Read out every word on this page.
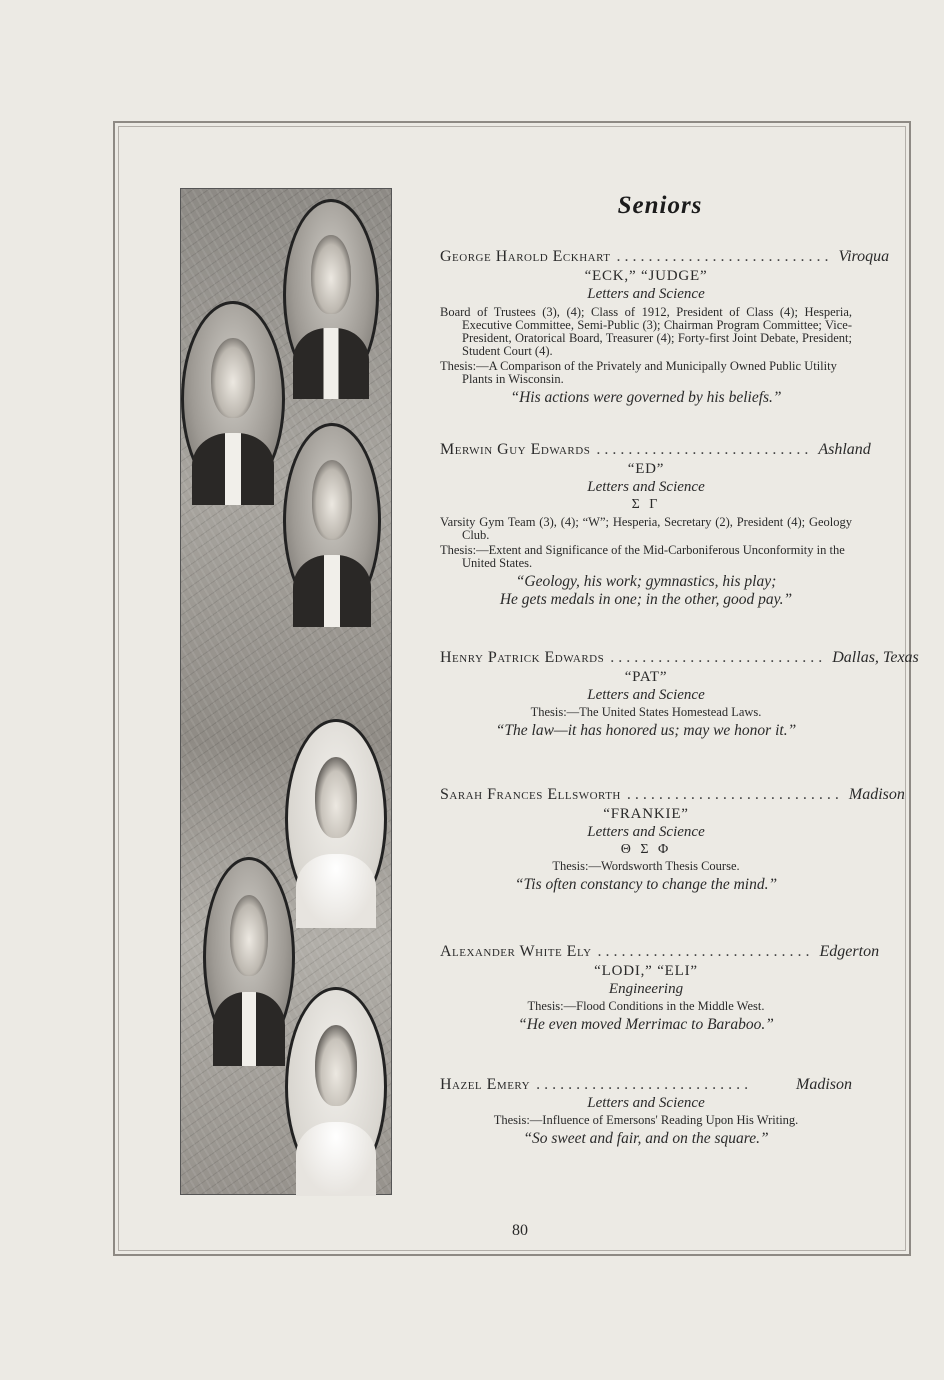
Seniors
George Harold Eckhart ........................... Viroqua
“ECK,” “JUDGE”
Letters and Science
Board of Trustees (3), (4); Class of 1912, President of Class (4); Hesperia, Executive Committee, Semi-Public (3); Chairman Program Committee; Vice-President, Oratorical Board, Treasurer (4); Forty-first Joint Debate, President; Student Court (4).
Thesis:—A Comparison of the Privately and Municipally Owned Public Utility Plants in Wisconsin.
“His actions were governed by his beliefs.”
Merwin Guy Edwards ........................... Ashland
“ED”
Letters and Science
Σ Γ
Varsity Gym Team (3), (4); “W”; Hesperia, Secretary (2), President (4); Geology Club.
Thesis:—Extent and Significance of the Mid-Carboniferous Unconformity in the United States.
“Geology, his work; gymnastics, his play;
He gets medals in one; in the other, good pay.”
Henry Patrick Edwards ........................... Dallas, Texas
“PAT”
Letters and Science
Thesis:—The United States Homestead Laws.
“The law—it has honored us; may we honor it.”
Sarah Frances Ellsworth ........................... Madison
“FRANKIE”
Letters and Science
Θ Σ Φ
Thesis:—Wordsworth Thesis Course.
“Tis often constancy to change the mind.”
Alexander White Ely ........................... Edgerton
“LODI,” “ELI”
Engineering
Thesis:—Flood Conditions in the Middle West.
“He even moved Merrimac to Baraboo.”
Hazel Emery ...........................	Madison
Letters and Science
Thesis:—Influence of Emersons' Reading Upon His Writing.
“So sweet and fair, and on the square.”
80
